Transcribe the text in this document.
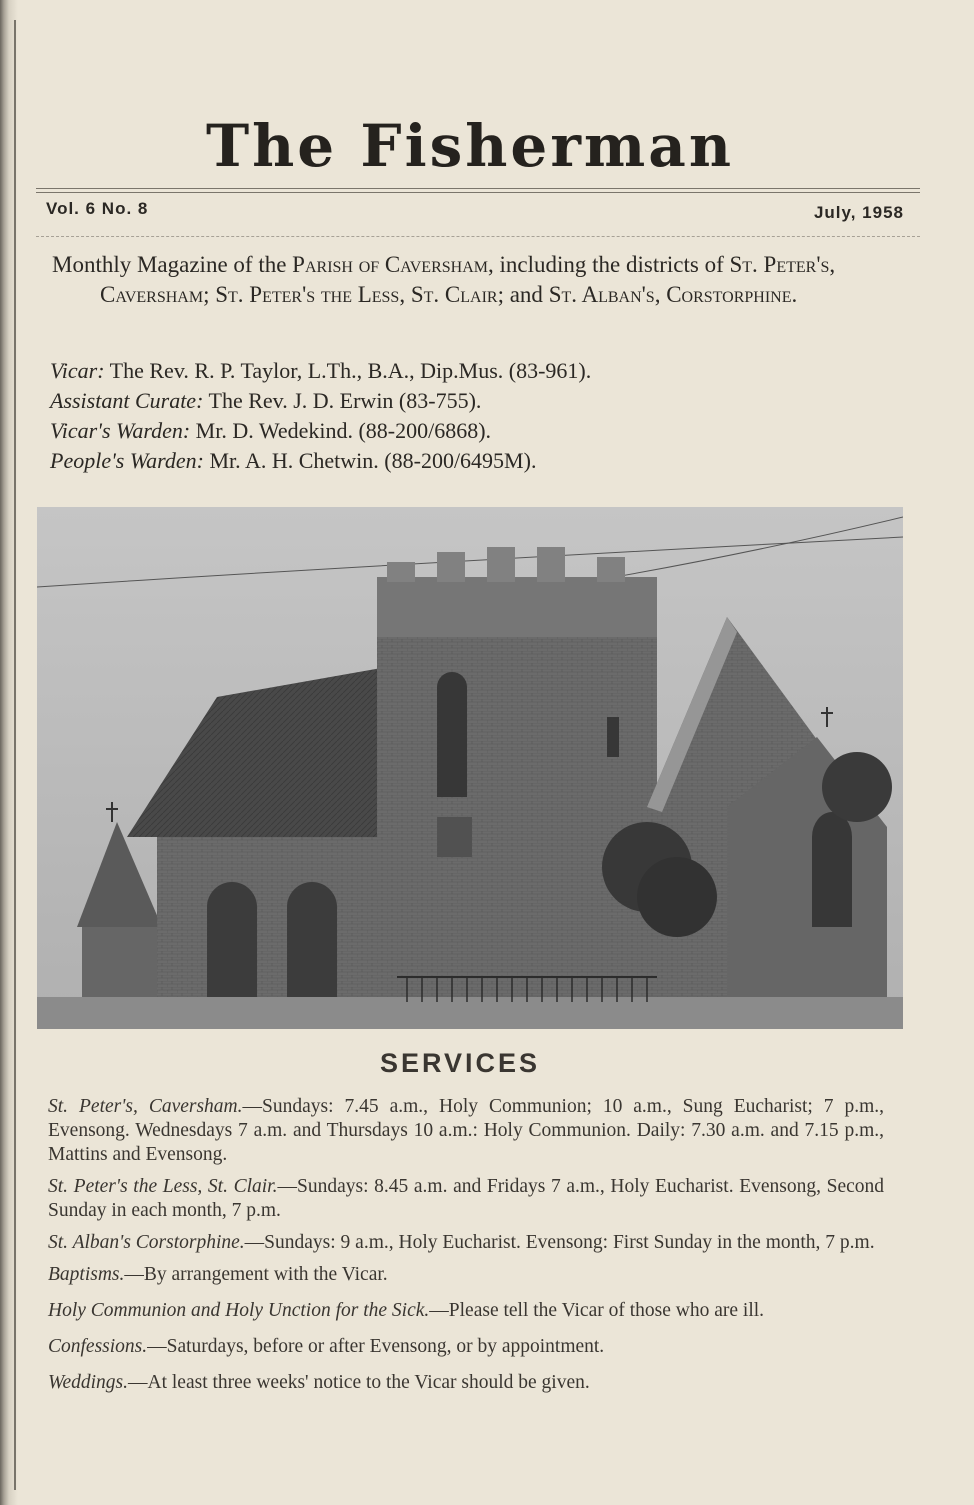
The Fisherman
Vol. 6 No. 8	July, 1958

Monthly Magazine of the Parish of Caversham, including the districts of St. Peter's, Caversham; St. Peter's the Less, St. Clair; and St. Alban's, Corstorphine.

Vicar: The Rev. R. P. Taylor, L.Th., B.A., Dip.Mus. (83-961).
Assistant Curate: The Rev. J. D. Erwin (83-755).
Vicar's Warden: Mr. D. Wedekind. (88-200/6868).
People's Warden: Mr. A. H. Chetwin. (88-200/6495M).
SERVICES

St. Peter's, Caversham.—Sundays: 7.45 a.m., Holy Communion; 10 a.m., Sung Eucharist; 7 p.m., Evensong. Wednesdays 7 a.m. and Thursdays 10 a.m.: Holy Communion. Daily: 7.30 a.m. and 7.15 p.m., Mattins and Evensong.

St. Peter's the Less, St. Clair.—Sundays: 8.45 a.m. and Fridays 7 a.m., Holy Eucharist. Evensong, Second Sunday in each month, 7 p.m.

St. Alban's Corstorphine.—Sundays: 9 a.m., Holy Eucharist. Evensong: First Sunday in the month, 7 p.m.

Baptisms.—By arrangement with the Vicar.

Holy Communion and Holy Unction for the Sick.—Please tell the Vicar of those who are ill.

Confessions.—Saturdays, before or after Evensong, or by appointment.

Weddings.—At least three weeks' notice to the Vicar should be given.
